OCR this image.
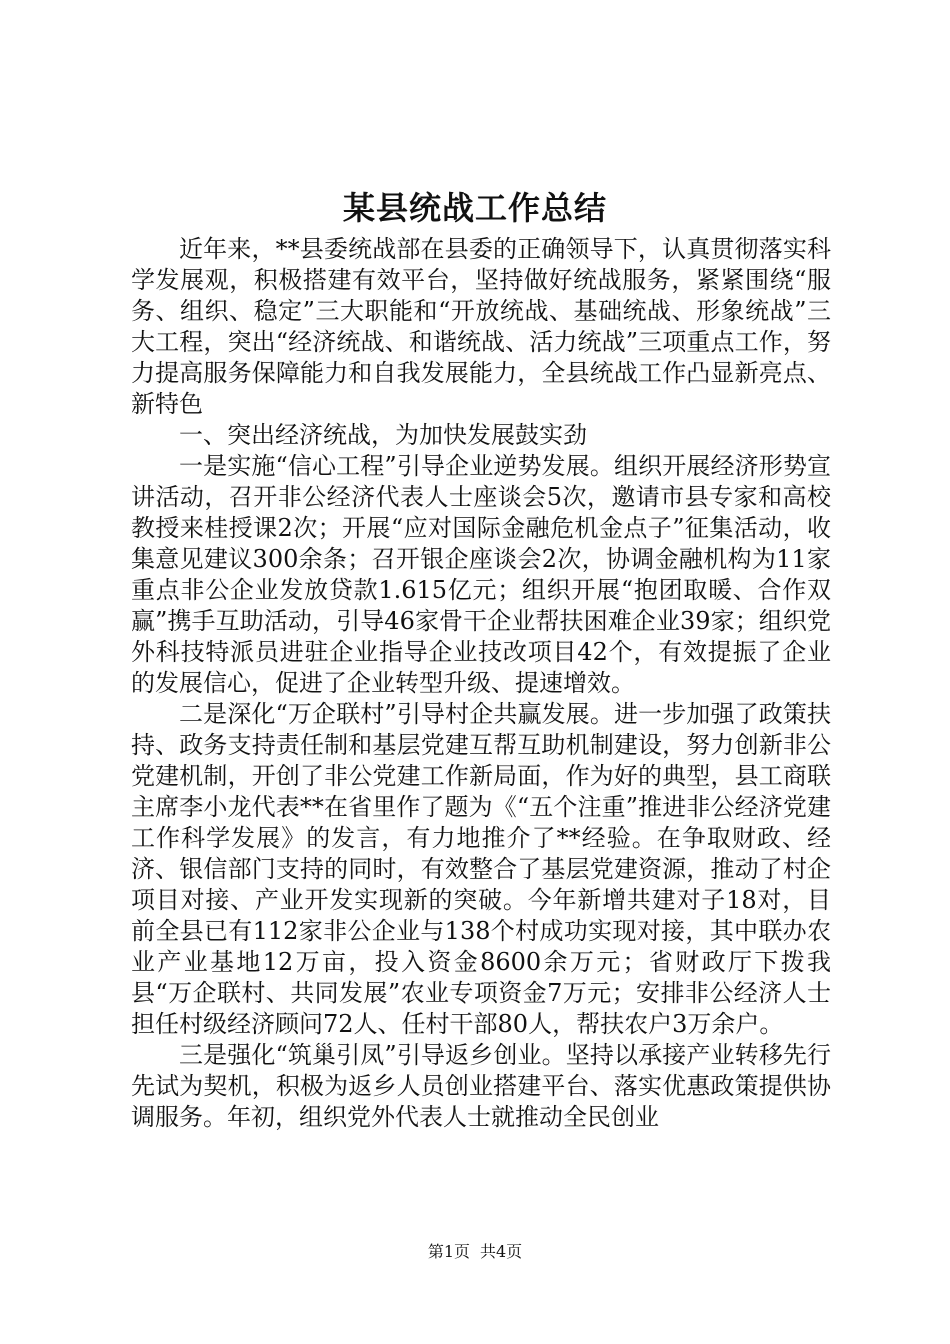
某县统战工作总结

近年来，**县委统战部在县委的正确领导下，认真贯彻落实科学发展观，积极搭建有效平台，坚持做好统战服务，紧紧围绕“服务、组织、稳定”三大职能和“开放统战、基础统战、形象统战”三大工程，突出“经济统战、和谐统战、活力统战”三项重点工作，努力提高服务保障能力和自我发展能力，全县统战工作凸显新亮点、新特色

一、突出经济统战，为加快发展鼓实劲

一是实施“信心工程”引导企业逆势发展。组织开展经济形势宣讲活动，召开非公经济代表人士座谈会5次，邀请市县专家和高校教授来桂授课2次；开展“应对国际金融危机金点子”征集活动，收集意见建议300余条；召开银企座谈会2次，协调金融机构为11家重点非公企业发放贷款1.615亿元；组织开展“抱团取暖、合作双赢”携手互助活动，引导46家骨干企业帮扶困难企业39家；组织党外科技特派员进驻企业指导企业技改项目42个，有效提振了企业的发展信心，促进了企业转型升级、提速增效。

二是深化“万企联村”引导村企共赢发展。进一步加强了政策扶持、政务支持责任制和基层党建互帮互助机制建设，努力创新非公党建机制，开创了非公党建工作新局面，作为好的典型，县工商联主席李小龙代表**在省里作了题为《“五个注重”推进非公经济党建工作科学发展》的发言，有力地推介了**经验。在争取财政、经济、银信部门支持的同时，有效整合了基层党建资源，推动了村企项目对接、产业开发实现新的突破。今年新增共建对子18对，目前全县已有112家非公企业与138个村成功实现对接，其中联办农业产业基地12万亩，投入资金8600余万元；省财政厅下拨我县“万企联村、共同发展”农业专项资金7万元；安排非公经济人士担任村级经济顾问72人、任村干部80人，帮扶农户3万余户。

三是强化“筑巢引凤”引导返乡创业。坚持以承接产业转移先行先试为契机，积极为返乡人员创业搭建平台、落实优惠政策提供协调服务。年初，组织党外代表人士就推动全民创业

第1页 共4页
